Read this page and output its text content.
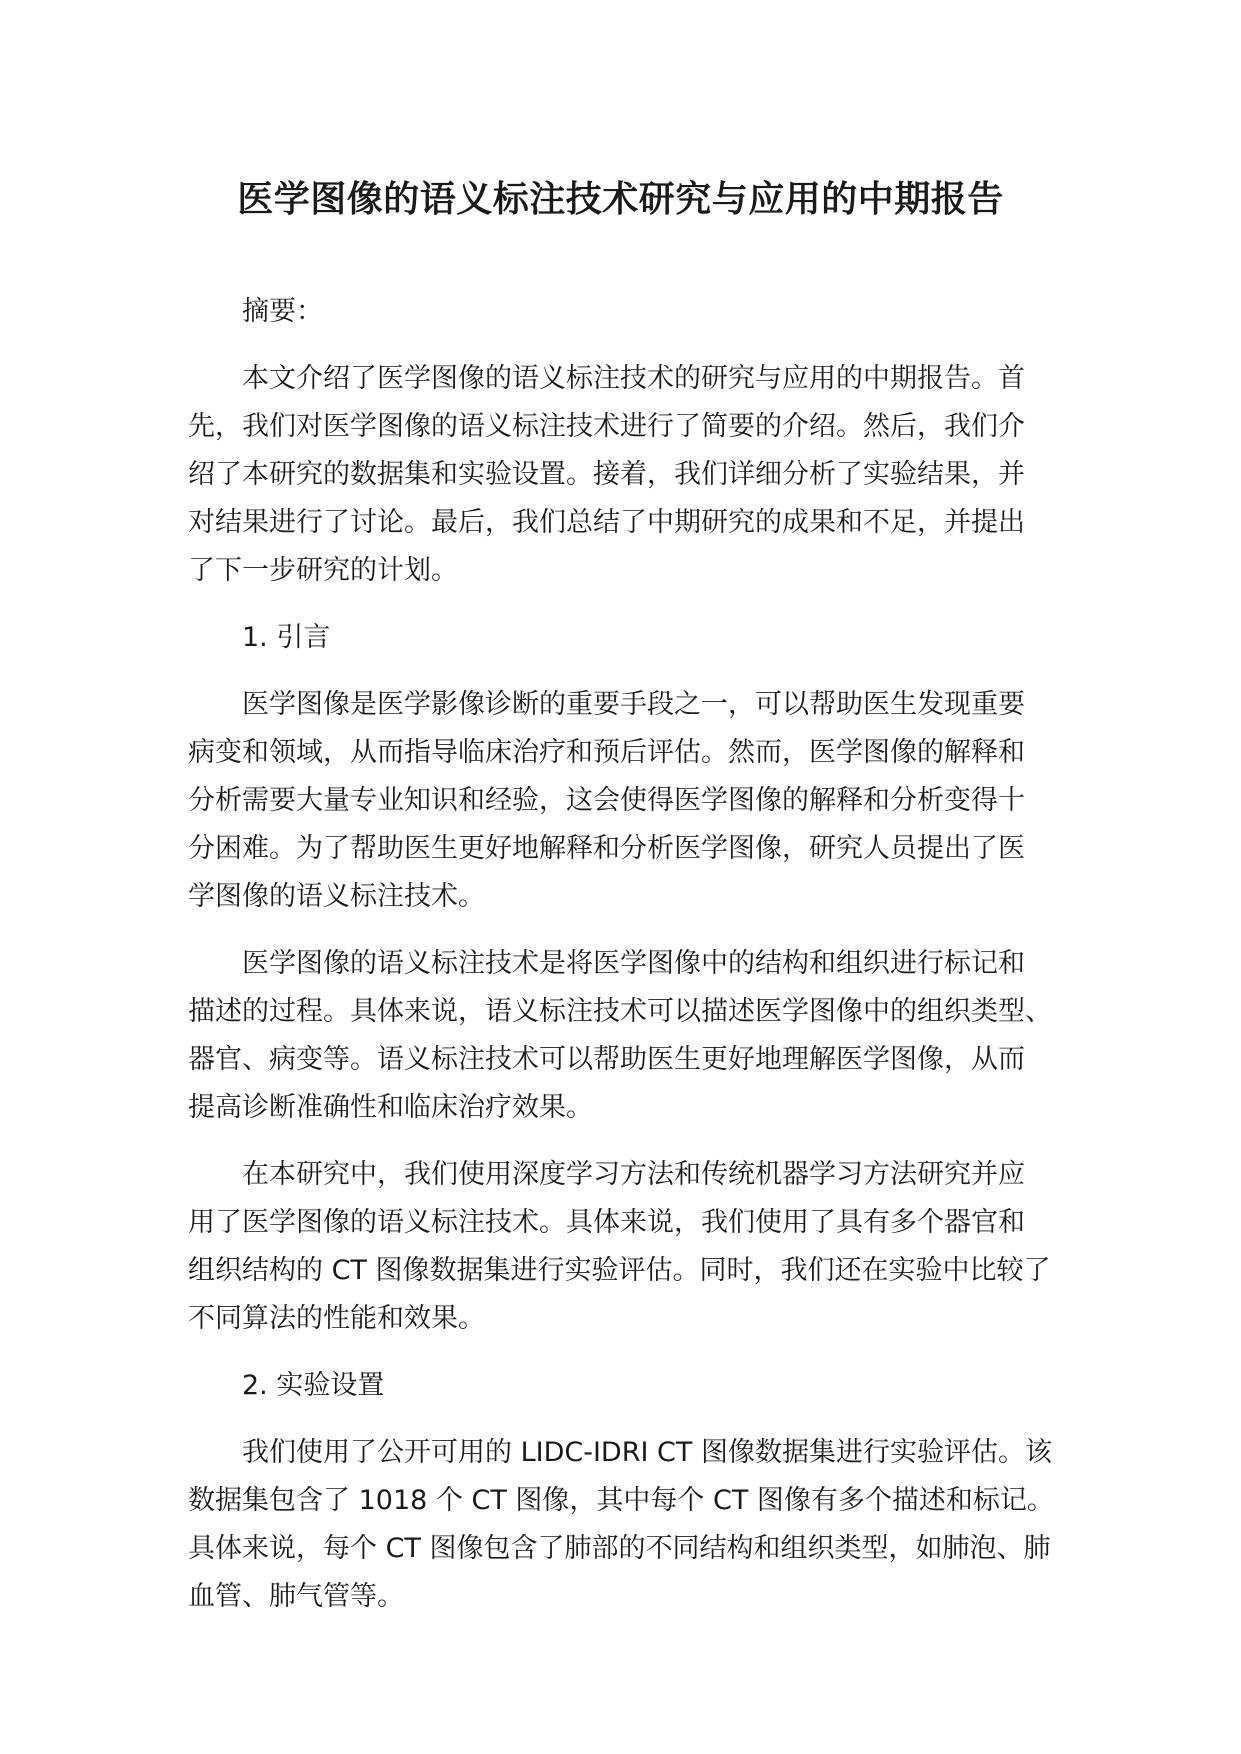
医学图像的语义标注技术研究与应用的中期报告

摘要：

本文介绍了医学图像的语义标注技术的研究与应用的中期报告。首
先，我们对医学图像的语义标注技术进行了简要的介绍。然后，我们介
绍了本研究的数据集和实验设置。接着，我们详细分析了实验结果，并
对结果进行了讨论。最后，我们总结了中期研究的成果和不足，并提出
了下一步研究的计划。

1. 引言

医学图像是医学影像诊断的重要手段之一，可以帮助医生发现重要
病变和领域，从而指导临床治疗和预后评估。然而，医学图像的解释和
分析需要大量专业知识和经验，这会使得医学图像的解释和分析变得十
分困难。为了帮助医生更好地解释和分析医学图像，研究人员提出了医
学图像的语义标注技术。

医学图像的语义标注技术是将医学图像中的结构和组织进行标记和
描述的过程。具体来说，语义标注技术可以描述医学图像中的组织类型、
器官、病变等。语义标注技术可以帮助医生更好地理解医学图像，从而
提高诊断准确性和临床治疗效果。

在本研究中，我们使用深度学习方法和传统机器学习方法研究并应
用了医学图像的语义标注技术。具体来说，我们使用了具有多个器官和
组织结构的 CT 图像数据集进行实验评估。同时，我们还在实验中比较了
不同算法的性能和效果。

2. 实验设置

我们使用了公开可用的 LIDC-IDRI CT 图像数据集进行实验评估。该
数据集包含了 1018 个 CT 图像，其中每个 CT 图像有多个描述和标记。
具体来说，每个 CT 图像包含了肺部的不同结构和组织类型，如肺泡、肺
血管、肺气管等。
